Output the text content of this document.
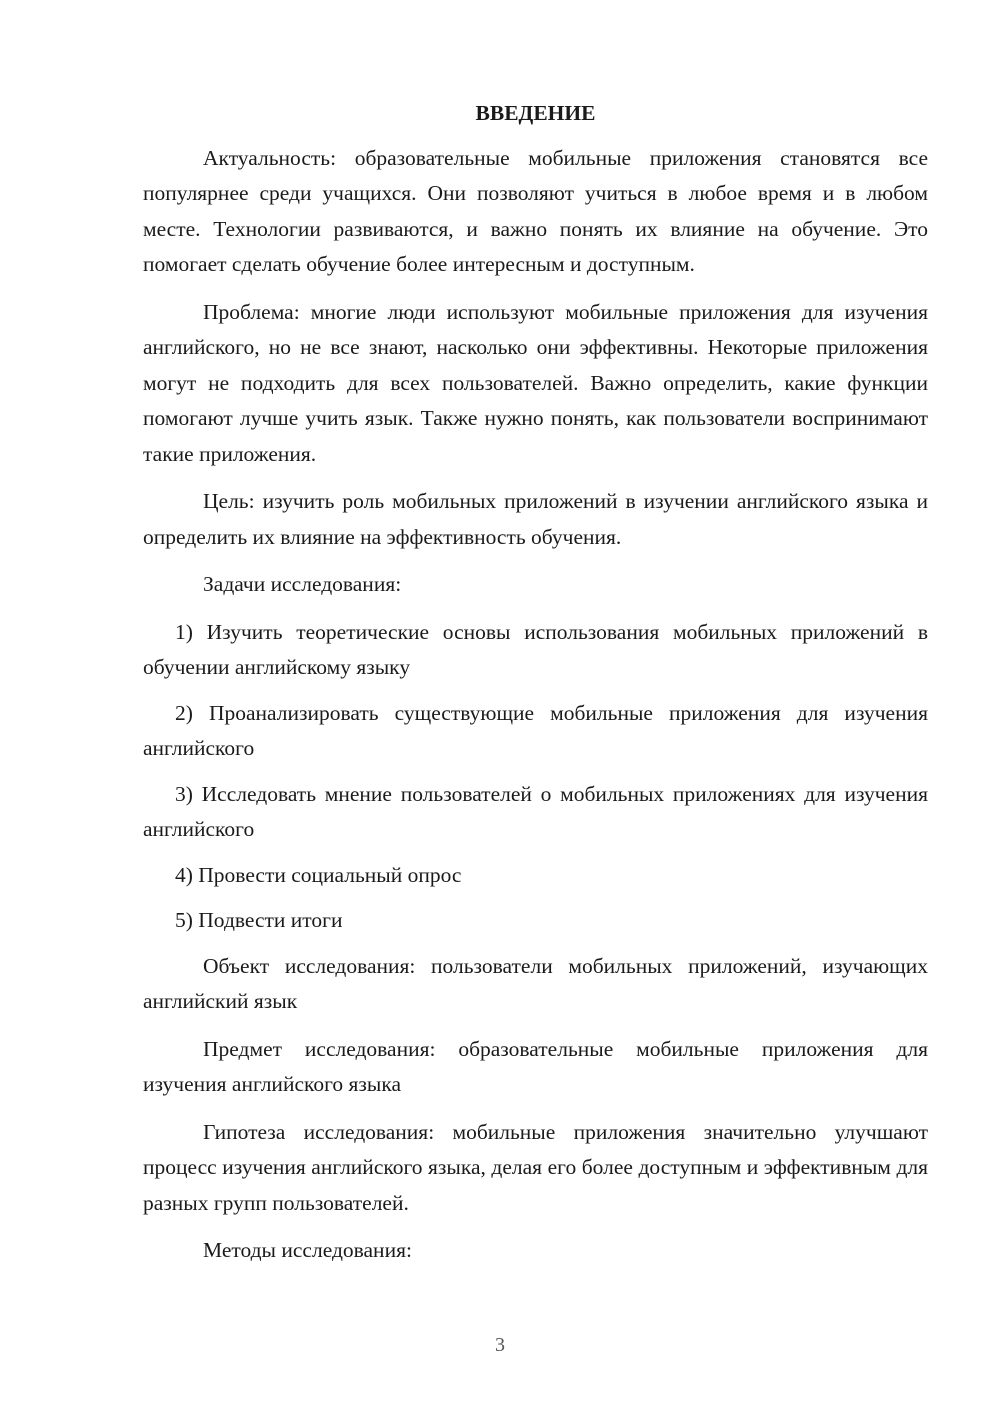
ВВЕДЕНИЕ

Актуальность: образовательные мобильные приложения становятся все популярнее среди учащихся. Они позволяют учиться в любое время и в любом месте. Технологии развиваются, и важно понять их влияние на обучение. Это помогает сделать обучение более интересным и доступным.

Проблема: многие люди используют мобильные приложения для изучения английского, но не все знают, насколько они эффективны. Некоторые приложения могут не подходить для всех пользователей. Важно определить, какие функции помогают лучше учить язык. Также нужно понять, как пользователи воспринимают такие приложения.

Цель: изучить роль мобильных приложений в изучении английского языка и определить их влияние на эффективность обучения.

Задачи исследования:

1) Изучить теоретические основы использования мобильных приложений в обучении английскому языку

2) Проанализировать существующие мобильные приложения для изучения английского

3) Исследовать мнение пользователей о мобильных приложениях для изучения английского

4) Провести социальный опрос

5) Подвести итоги

Объект исследования: пользователи мобильных приложений, изучающих английский язык

Предмет исследования: образовательные мобильные приложения для изучения английского языка

Гипотеза исследования: мобильные приложения значительно улучшают процесс изучения английского языка, делая его более доступным и эффективным для разных групп пользователей.

Методы исследования:

3
